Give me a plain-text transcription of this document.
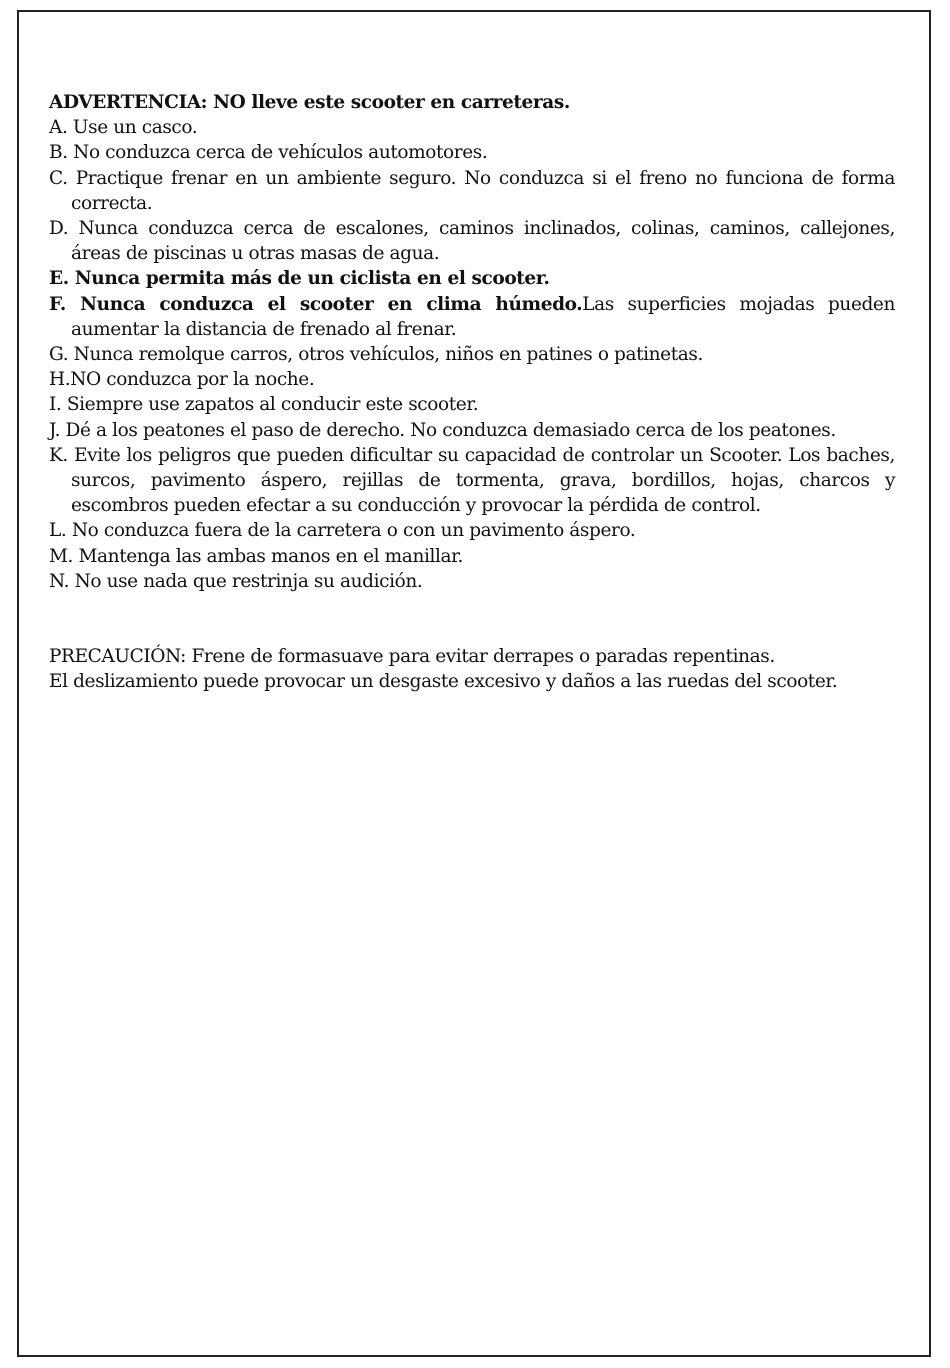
ADVERTENCIA: NO lleve este scooter en carreteras.

A. Use un casco.

B. No conduzca cerca de vehículos automotores.

C. Practique frenar en un ambiente seguro. No conduzca si el freno no funciona de forma correcta.

D. Nunca conduzca cerca de escalones, caminos inclinados, colinas, caminos, callejones, áreas de piscinas u otras masas de agua.

E. Nunca permita más de un ciclista en el scooter.

F. Nunca conduzca el scooter en clima húmedo.Las superficies mojadas pueden aumentar la distancia de frenado al frenar.

G. Nunca remolque carros, otros vehículos, niños en patines o patinetas.

H.NO conduzca por la noche.

I. Siempre use zapatos al conducir este scooter.

J. Dé a los peatones el paso de derecho. No conduzca demasiado cerca de los peatones.

K. Evite los peligros que pueden dificultar su capacidad de controlar un Scooter. Los baches, surcos, pavimento áspero, rejillas de tormenta, grava, bordillos, hojas, charcos y escombros pueden efectar a su conducción y provocar la pérdida de control.

L. No conduzca fuera de la carretera o con un pavimento áspero.

M. Mantenga las ambas manos en el manillar.

N. No use nada que restrinja su audición.

PRECAUCIÓN: Frene de formasuave para evitar derrapes o paradas repentinas.

El deslizamiento puede provocar un desgaste excesivo y daños a las ruedas del scooter.
